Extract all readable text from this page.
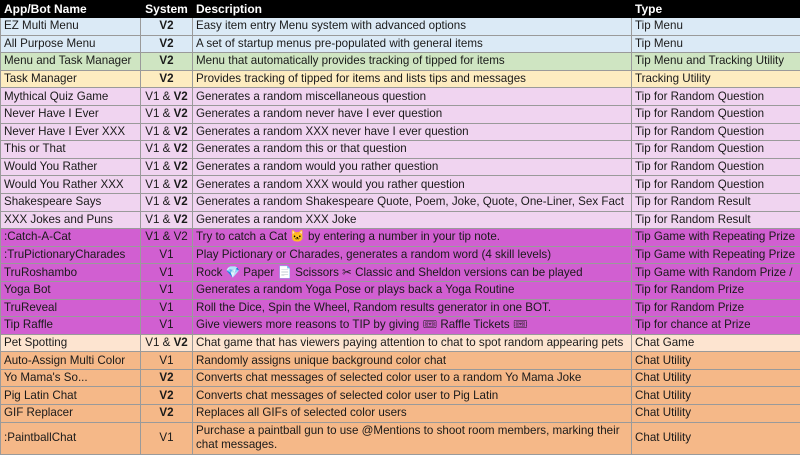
App/Bot Name	System	Description	Type
EZ Multi Menu	V2	Easy item entry Menu system with advanced options	Tip Menu
All Purpose Menu	V2	A set of startup menus pre-populated with general items	Tip Menu
Menu and Task Manager	V2	Menu that automatically provides tracking of tipped for items	Tip Menu and Tracking Utility
Task Manager	V2	Provides tracking of tipped for items and lists tips and messages	Tracking Utility
Mythical Quiz Game	V1 & V2	Generates a random miscellaneous question	Tip for Random Question
Never Have I Ever	V1 & V2	Generates a random never have I ever question	Tip for Random Question
Never Have I Ever XXX	V1 & V2	Generates a random XXX never have I ever question	Tip for Random Question
This or That	V1 & V2	Generates a random this or that question	Tip for Random Question
Would You Rather	V1 & V2	Generates a random would you rather question	Tip for Random Question
Would You Rather XXX	V1 & V2	Generates a random XXX would you rather question	Tip for Random Question
Shakespeare Says	V1 & V2	Generates a random Shakespeare Quote, Poem, Joke, Quote, One-Liner, Sex Fact	Tip for Random Result
XXX Jokes and Puns	V1 & V2	Generates a random XXX Joke	Tip for Random Result
:Catch-A-Cat	V1 & V2	Try to catch a Cat 🐱 by entering a number in your tip note.	Tip Game with Repeating Prize
:TruPictionaryCharades	V1	Play Pictionary or Charades, generates a random word (4 skill levels)	Tip Game with Repeating Prize
TruRoshambo	V1	Rock 💎 Paper 📄 Scissors ✂ Classic and Sheldon versions can be played	Tip Game with Random Prize /
Yoga Bot	V1	Generates a random Yoga Pose or plays back a Yoga Routine	Tip for Random Prize
TruReveal	V1	Roll the Dice, Spin the Wheel, Random results generator in one BOT.	Tip for Random Prize
Tip Raffle	V1	Give viewers more reasons to TIP by giving 🎟 Raffle Tickets 🎟	Tip for chance at Prize
Pet Spotting	V1 & V2	Chat game that has viewers paying attention to chat to spot random appearing pets	Chat Game
Auto-Assign Multi Color	V1	Randomly assigns unique background color chat	Chat Utility
Yo Mama's So...	V2	Converts chat messages of selected color user to a random Yo Mama Joke	Chat Utility
Pig Latin Chat	V2	Converts chat messages of selected color user to Pig Latin	Chat Utility
GIF Replacer	V2	Replaces all GIFs of selected color users	Chat Utility
:PaintballChat	V1	Purchase a paintball gun to use @Mentions to shoot room members, marking their chat messages.	Chat Utility
